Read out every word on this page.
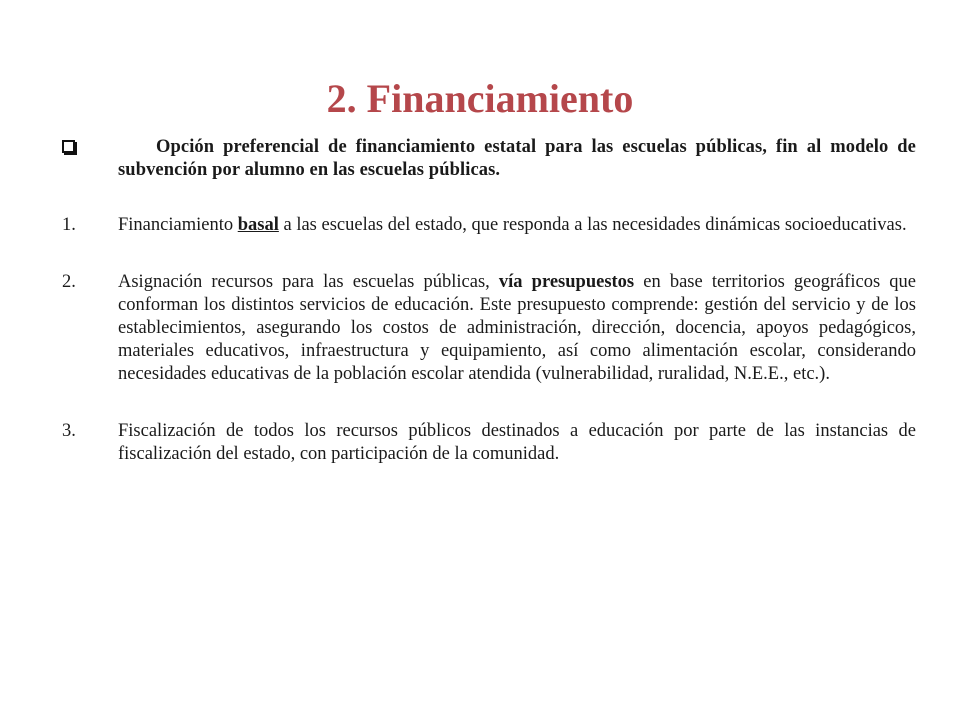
2. Financiamiento
Opción preferencial de financiamiento estatal para las escuelas públicas, fin al modelo de subvención por alumno en las escuelas públicas.
1.	Financiamiento basal a las escuelas del estado, que responda a las necesidades dinámicas socioeducativas.
2.	Asignación recursos para las escuelas públicas, vía presupuestos en base territorios geográficos que conforman los distintos servicios de educación. Este presupuesto comprende: gestión del servicio y de los establecimientos, asegurando los costos de administración, dirección, docencia, apoyos pedagógicos, materiales educativos, infraestructura y equipamiento, así como alimentación escolar, considerando necesidades educativas de la población escolar atendida (vulnerabilidad, ruralidad, N.E.E., etc.).
3.	Fiscalización de todos los recursos públicos destinados a educación por parte de las instancias de fiscalización del estado, con participación de la comunidad.
